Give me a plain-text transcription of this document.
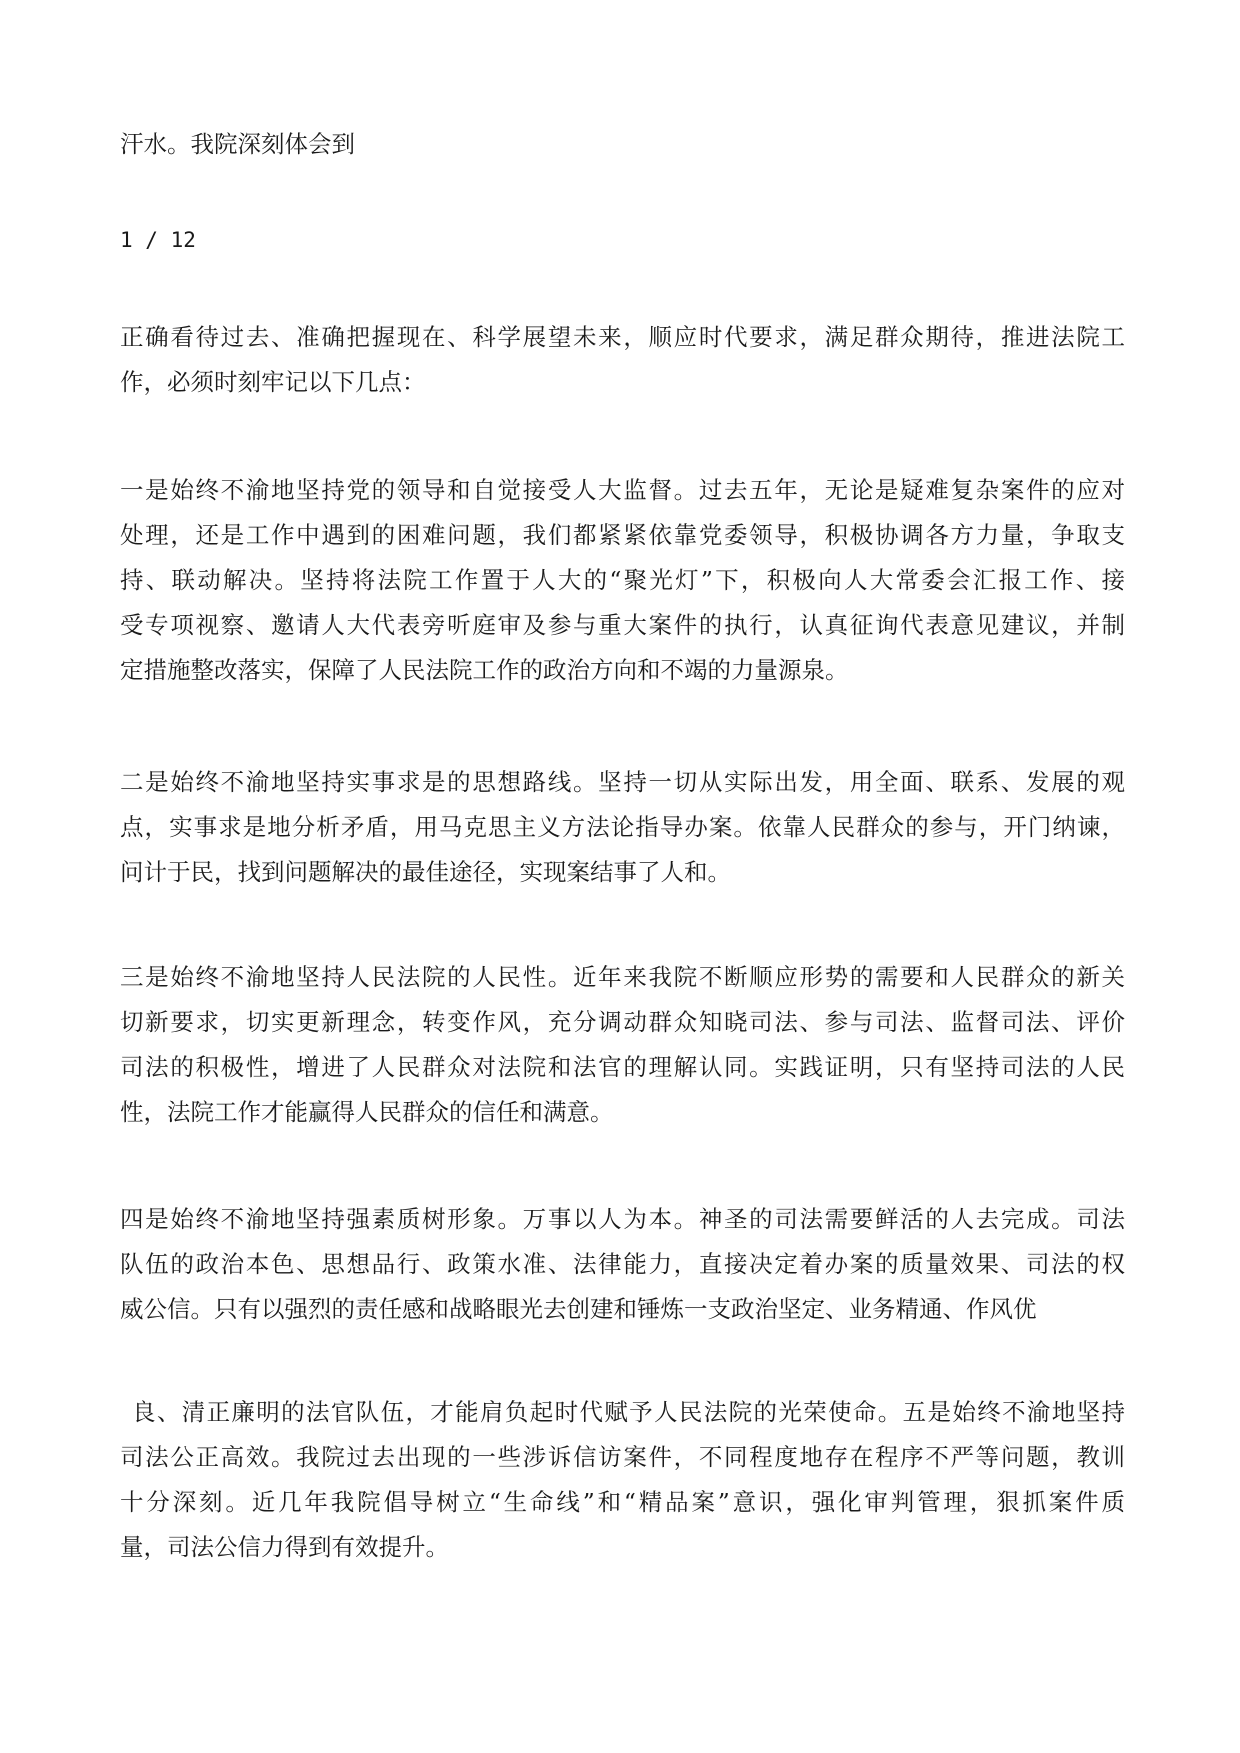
汗水。我院深刻体会到

1 / 12

正确看待过去、准确把握现在、科学展望未来，顺应时代要求，满足群众期待，推进法院工
作，必须时刻牢记以下几点：

一是始终不渝地坚持党的领导和自觉接受人大监督。过去五年，无论是疑难复杂案件的应对
处理，还是工作中遇到的困难问题，我们都紧紧依靠党委领导，积极协调各方力量，争取支
持、联动解决。坚持将法院工作置于人大的“聚光灯”下，积极向人大常委会汇报工作、接
受专项视察、邀请人大代表旁听庭审及参与重大案件的执行，认真征询代表意见建议，并制
定措施整改落实，保障了人民法院工作的政治方向和不竭的力量源泉。

二是始终不渝地坚持实事求是的思想路线。坚持一切从实际出发，用全面、联系、发展的观
点，实事求是地分析矛盾，用马克思主义方法论指导办案。依靠人民群众的参与，开门纳谏，
问计于民，找到问题解决的最佳途径，实现案结事了人和。

三是始终不渝地坚持人民法院的人民性。近年来我院不断顺应形势的需要和人民群众的新关
切新要求，切实更新理念，转变作风，充分调动群众知晓司法、参与司法、监督司法、评价
司法的积极性，增进了人民群众对法院和法官的理解认同。实践证明，只有坚持司法的人民
性，法院工作才能赢得人民群众的信任和满意。

四是始终不渝地坚持强素质树形象。万事以人为本。神圣的司法需要鲜活的人去完成。司法
队伍的政治本色、思想品行、政策水准、法律能力，直接决定着办案的质量效果、司法的权
威公信。只有以强烈的责任感和战略眼光去创建和锤炼一支政治坚定、业务精通、作风优

良、清正廉明的法官队伍，才能肩负起时代赋予人民法院的光荣使命。五是始终不渝地坚持
司法公正高效。我院过去出现的一些涉诉信访案件，不同程度地存在程序不严等问题，教训
十分深刻。近几年我院倡导树立“生命线”和“精品案”意识，强化审判管理，狠抓案件质
量，司法公信力得到有效提升。
